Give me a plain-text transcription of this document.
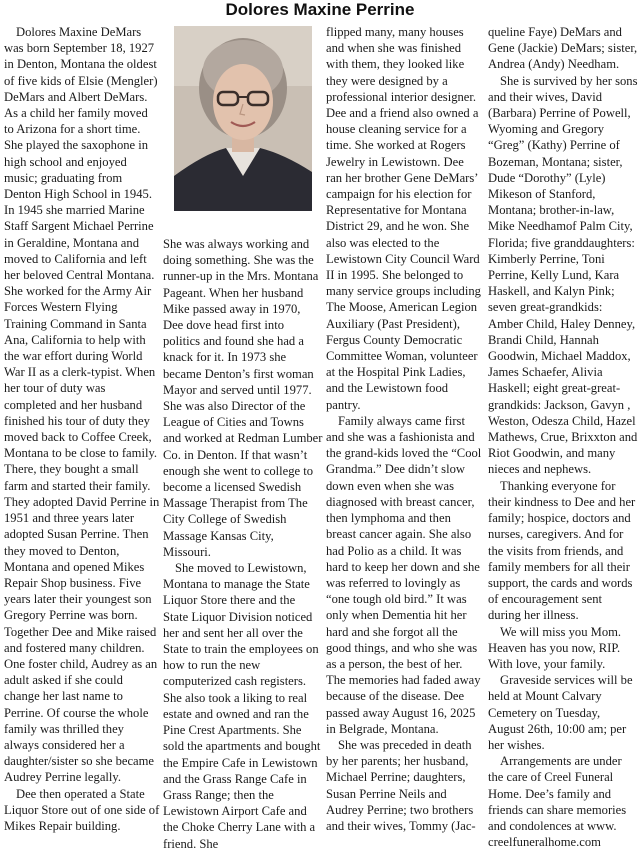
Dolores Maxine Perrine

Dolores Maxine DeMars was born September 18, 1927 in Denton, Montana the oldest of five kids of Elsie (Mengler) DeMars and Albert DeMars. As a child her family moved to Arizona for a short time. She played the saxophone in high school and enjoyed music; graduating from Denton High School in 1945. In 1945 she married Marine Staff Sargent Michael Perrine in Geraldine, Montana and moved to California and left her beloved Central Montana. She worked for the Army Air Forces Western Flying Training Command in Santa Ana, California to help with the war effort during World War II as a clerk-typist. When her tour of duty was completed and her husband finished his tour of duty they moved back to Coffee Creek, Montana to be close to family. There, they bought a small farm and started their family. They adopted David Perrine in 1951 and three years later adopted Susan Perrine. Then they moved to Denton, Montana and opened Mikes Repair Shop business. Five years later their youngest son Gregory Perrine was born. Together Dee and Mike raised and fostered many children. One foster child, Audrey as an adult asked if she could change her last name to Perrine. Of course the whole family was thrilled they always considered her a daughter/sister so she became Audrey Perrine legally.

Dee then operated a State Liquor Store out of one side of Mikes Repair building.

She was always working and doing something. She was the runner-up in the Mrs. Montana Pageant. When her husband Mike passed away in 1970, Dee dove head first into politics and found she had a knack for it. In 1973 she became Denton’s first woman Mayor and served until 1977. She was also Director of the League of Cities and Towns and worked at Redman Lumber Co. in Denton. If that wasn’t enough she went to college to become a licensed Swedish Massage Therapist from The City College of Swedish Massage Kansas City, Missouri.

She moved to Lewistown, Montana to manage the State Liquor Store there and the State Liquor Division noticed her and sent her all over the State to train the employees on how to run the new computerized cash registers. She also took a liking to real estate and owned and ran the Pine Crest Apartments. She sold the apartments and bought the Empire Cafe in Lewistown and the Grass Range Cafe in Grass Range; then the Lewistown Airport Cafe and the Choke Cherry Lane with a friend. She

flipped many, many houses and when she was finished with them, they looked like they were designed by a professional interior designer. Dee and a friend also owned a house cleaning service for a time. She worked at Rogers Jewelry in Lewistown. Dee ran her brother Gene DeMars’ campaign for his election for Representative for Montana District 29, and he won. She also was elected to the Lewistown City Council Ward II in 1995. She belonged to many service groups including The Moose, American Legion Auxiliary (Past President), Fergus County Democratic Committee Woman, volunteer at the Hospital Pink Ladies, and the Lewistown food pantry.

Family always came first and she was a fashionista and the grand-kids loved the “Cool Grandma.” Dee didn’t slow down even when she was diagnosed with breast cancer, then lymphoma and then breast cancer again. She also had Polio as a child. It was hard to keep her down and she was referred to lovingly as “one tough old bird.” It was only when Dementia hit her hard and she forgot all the good things, and who she was as a person, the best of her. The memories had faded away because of the disease. Dee passed away August 16, 2025 in Belgrade, Montana.

She was preceded in death by her parents; her husband, Michael Perrine; daughters, Susan Perrine Neils and Audrey Perrine; two brothers and their wives, Tommy (Jac-

queline Faye) DeMars and Gene (Jackie) DeMars; sister, Andrea (Andy) Needham.

She is survived by her sons and their wives, David (Barbara) Perrine of Powell, Wyoming and Gregory “Greg” (Kathy) Perrine of Bozeman, Montana; sister, Dude “Dorothy” (Lyle) Mikeson of Stanford, Montana; brother-in-law, Mike Needhamof Palm City, Florida; five granddaughters: Kimberly Perrine, Toni Perrine, Kelly Lund, Kara Haskell, and Kalyn Pink; seven great-grandkids: Amber Child, Haley Denney, Brandi Child, Hannah Goodwin, Michael Maddox, James Schaefer, Alivia Haskell; eight great-great-grandkids: Jackson, Gavyn , Weston, Odesza Child, Hazel Mathews, Crue, Brixxton and Riot Goodwin, and many nieces and nephews.

Thanking everyone for their kindness to Dee and her family; hospice, doctors and nurses, caregivers. And for the visits from friends, and family members for all their support, the cards and words of encouragement sent during her illness.

We will miss you Mom. Heaven has you now, RIP. With love, your family.

Graveside services will be held at Mount Calvary Cemetery on Tuesday, August 26th, 10:00 am; per her wishes.

Arrangements are under the care of Creel Funeral Home. Dee’s family and friends can share memories and condolences at www.

creelfuneralhome.com
